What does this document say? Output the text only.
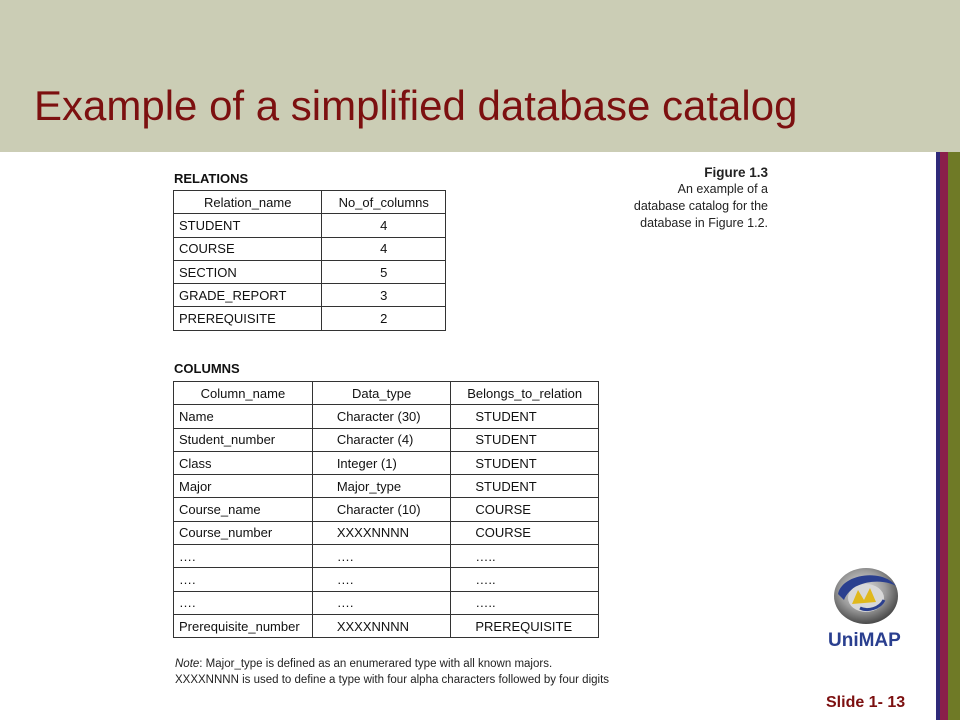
Example of a simplified database catalog
RELATIONS
Relation_name	No_of_columns
STUDENT	4
COURSE	4
SECTION	5
GRADE_REPORT	3
PREREQUISITE	2
Figure 1.3
An example of a
database catalog for the
database in Figure 1.2.
COLUMNS
Column_name	Data_type	Belongs_to_relation
Name	Character (30)	STUDENT
Student_number	Character (4)	STUDENT
Class	Integer (1)	STUDENT
Major	Major_type	STUDENT
Course_name	Character (10)	COURSE
Course_number	XXXXNNNN	COURSE
….	….	…..
….	….	…..
….	….	…..
Prerequisite_number	XXXXNNNN	PREREQUISITE
Note: Major_type is defined as an enumerared type with all known majors. XXXXNNNN is used to define a type with four alpha characters followed by four digits
UniMAP
Slide 1- 13
